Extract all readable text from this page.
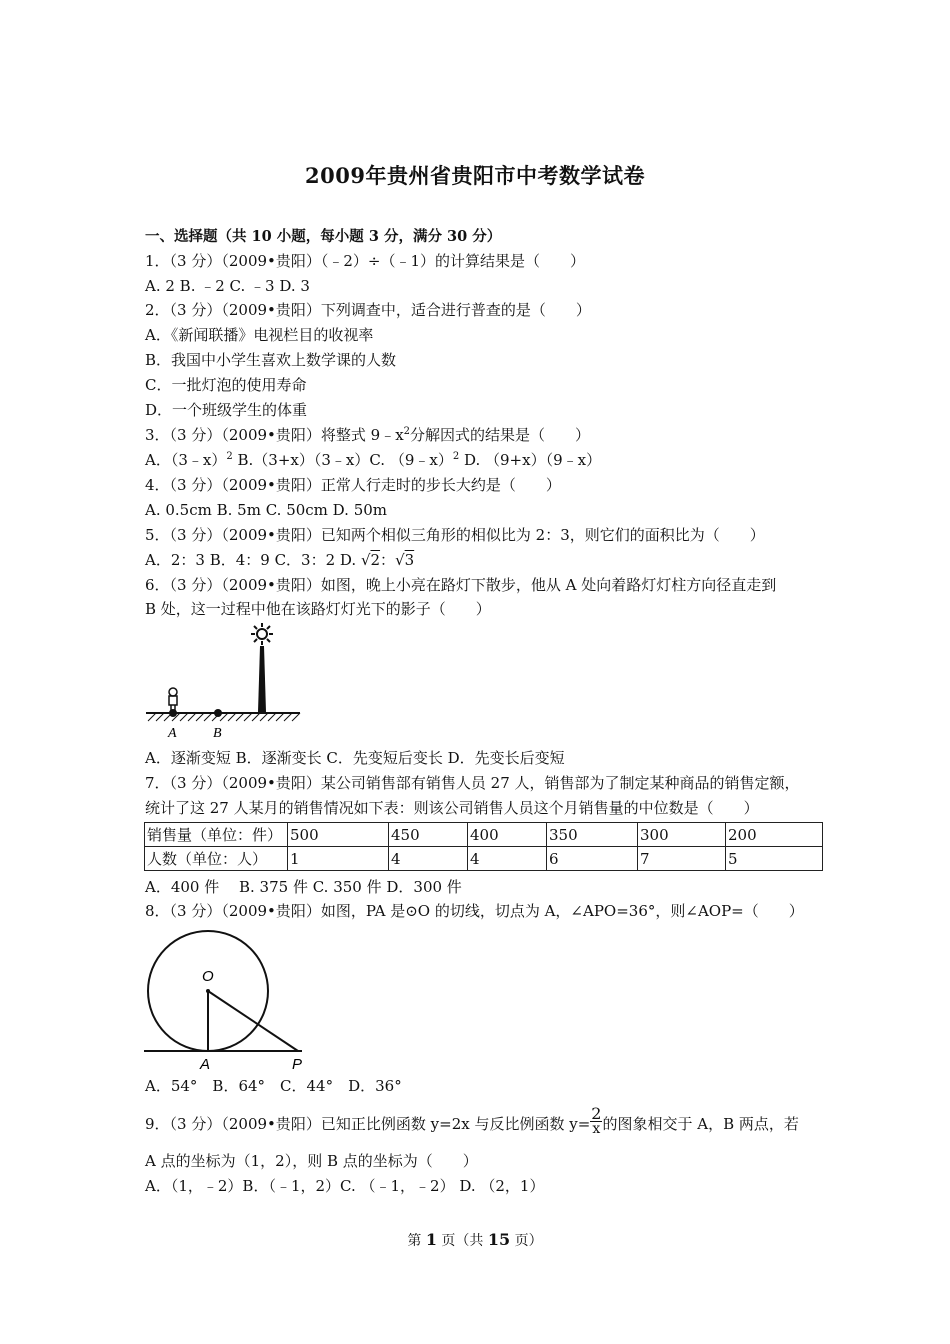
2009年贵州省贵阳市中考数学试卷
一、选择题（共 10 小题，每小题 3 分，满分 30 分）
1．（3 分）（2009•贵阳）（﹣2）÷（﹣1）的计算结果是（　　）
A. 2 B. ﹣2 C. ﹣3 D. 3
2．（3 分）（2009•贵阳）下列调查中，适合进行普查的是（　　）
A．《新闻联播》电视栏目的收视率
B．我国中小学生喜欢上数学课的人数
C．一批灯泡的使用寿命
D．一个班级学生的体重
3．（3 分）（2009•贵阳）将整式 $9﹣x^2$分解因式的结果是（　　）
A．（3﹣x）$^2$ B.（3+x）（3﹣x）C. （9﹣x）$^2$ D. （9+x）（9﹣x）
4．（3 分）（2009•贵阳）正常人行走时的步长大约是（　　）
A. 0.5cm B. 5m C. 50cm D. 50m
5．（3 分）（2009•贵阳）已知两个相似三角形的相似比为 2：3，则它们的面积比为（　　）
A．2：3 B．4：9 C．3：2 D. √2：√3
6．（3 分）（2009•贵阳）如图，晚上小亮在路灯下散步，他从 A 处向着路灯灯柱方向径直走到
B 处，这一过程中他在该路灯灯光下的影子（　　）
A	B
A．逐渐变短 B．逐渐变长 C．先变短后变长 D．先变长后变短
7．（3 分）（2009•贵阳）某公司销售部有销售人员 27 人，销售部为了制定某种商品的销售定额，
统计了这 27 人某月的销售情况如下表：则该公司销售人员这个月销售量的中位数是（　　）
销售量（单位：件）	500	450	400	350	300	200
人数（单位：人）	1	4	4	6	7	5
A．400 件　 B. 375 件 C. 350 件 D．300 件
8．（3 分）（2009•贵阳）如图，PA 是⊙O 的切线，切点为 A，∠APO=36°，则∠AOP=（　　）
O
A	P
A．54°　B．64°　C．44°　D．36°
9．（3 分）（2009•贵阳）已知正比例函数 y=2x 与反比例函数 $y= \frac{2}{x}$ 的图象相交于 A，B 两点，若
A 点的坐标为（1，2），则 B 点的坐标为（　　）
A．（1，﹣2）B．（﹣1，2）C. （﹣1，﹣2） D. （2，1）
第 1 页（共 15 页）
